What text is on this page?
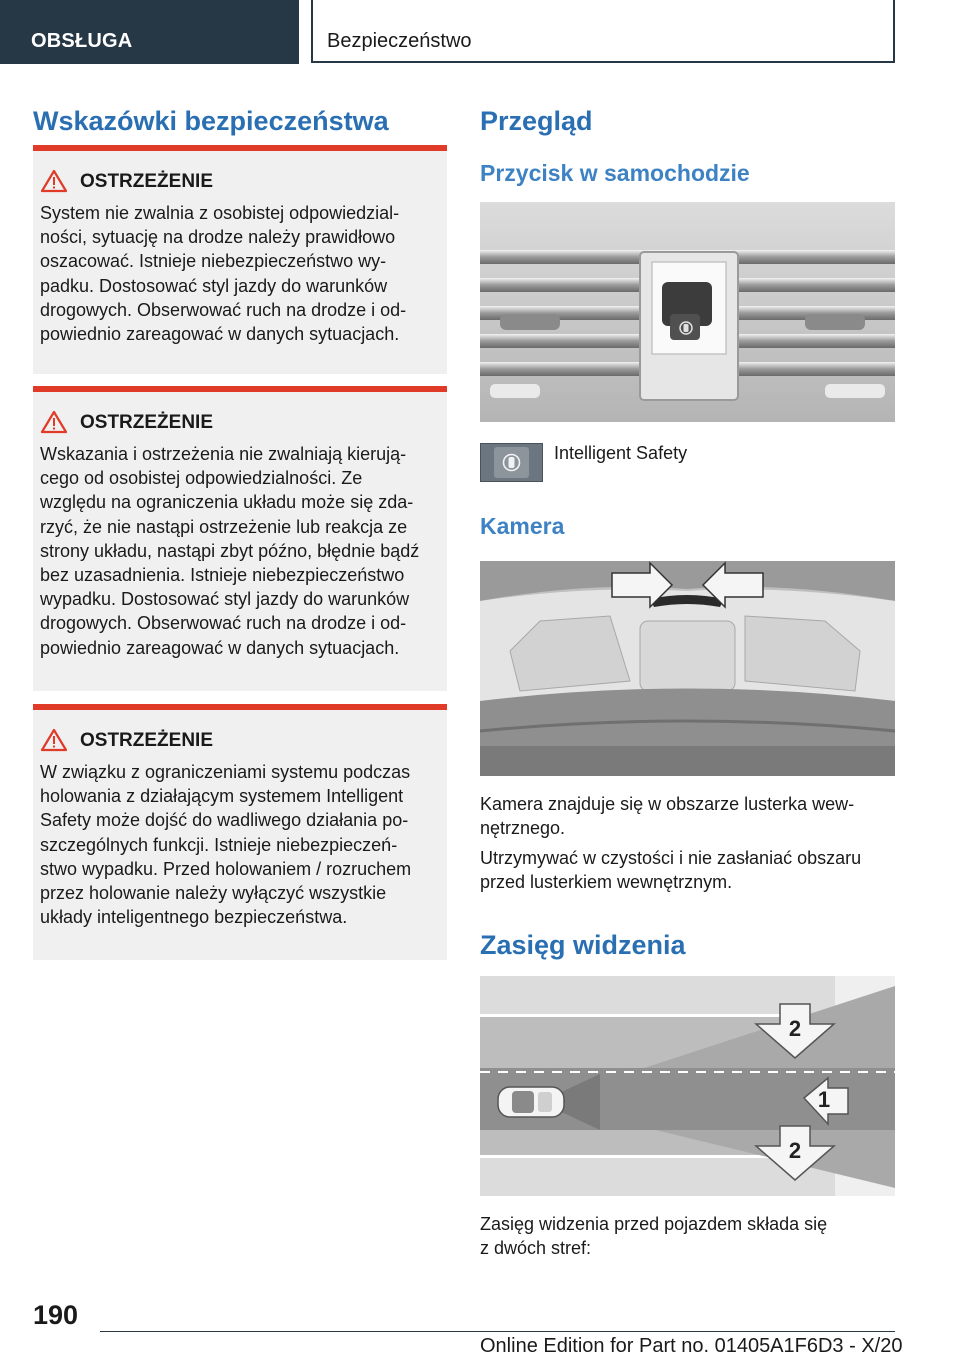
OBSŁUGA	Bezpieczeństwo
Wskazówki bezpieczeństwa
OSTRZEŻENIE
System nie zwalnia z osobistej odpowiedzial-
ności, sytuację na drodze należy prawidłowo
oszacować. Istnieje niebezpieczeństwo wy-
padku. Dostosować styl jazdy do warunków
drogowych. Obserwować ruch na drodze i od-
powiednio zareagować w danych sytuacjach.
OSTRZEŻENIE
Wskazania i ostrzeżenia nie zwalniają kierują-
cego od osobistej odpowiedzialności. Ze
względu na ograniczenia układu może się zda-
rzyć, że nie nastąpi ostrzeżenie lub reakcja ze
strony układu, nastąpi zbyt późno, błędnie bądź
bez uzasadnienia. Istnieje niebezpieczeństwo
wypadku. Dostosować styl jazdy do warunków
drogowych. Obserwować ruch na drodze i od-
powiednio zareagować w danych sytuacjach.
OSTRZEŻENIE
W związku z ograniczeniami systemu podczas
holowania z działającym systemem Intelligent
Safety może dojść do wadliwego działania po-
szczególnych funkcji. Istnieje niebezpieczeń-
stwo wypadku. Przed holowaniem / rozruchem
przez holowanie należy wyłączyć wszystkie
układy inteligentnego bezpieczeństwa.
Przegląd
Przycisk w samochodzie
Intelligent Safety
Kamera
Kamera znajduje się w obszarze lusterka wew-
nętrznego.
Utrzymywać w czystości i nie zasłaniać obszaru
przed lusterkiem wewnętrznym.
Zasięg widzenia
2
1
2
Zasięg widzenia przed pojazdem składa się
z dwóch stref:
190
Online Edition for Part no. 01405A1F6D3 - X/20
